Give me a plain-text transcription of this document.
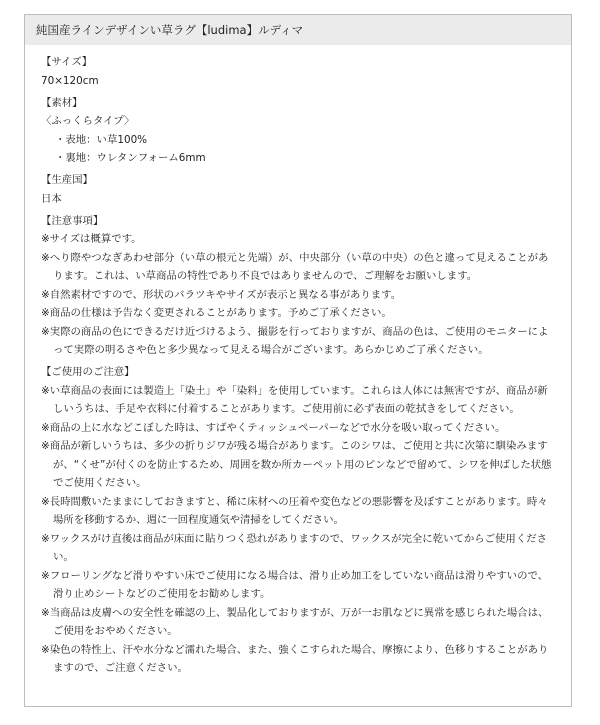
純国産ラインデザインい草ラグ【ludima】ルディマ

【サイズ】

70×120cm

【素材】

〈ふっくらタイプ〉

・表地：い草100%

・裏地：ウレタンフォーム6mm

【生産国】

日本

【注意事項】

※サイズは概算です。

※へり際やつなぎあわせ部分（い草の根元と先端）が、中央部分（い草の中央）の色と違って見えることがあります。これは、い草商品の特性であり不良ではありませんので、ご理解をお願いします。

※自然素材ですので、形状のバラツキやサイズが表示と異なる事があります。

※商品の仕様は予告なく変更されることがあります。予めご了承ください。

※実際の商品の色にできるだけ近づけるよう、撮影を行っておりますが、商品の色は、ご使用のモニターによって実際の明るさや色と多少異なって見える場合がございます。あらかじめご了承ください。

【ご使用のご注意】

※い草商品の表面には製造上「染土」や「染料」を使用しています。これらは人体には無害ですが、商品が新しいうちは、手足や衣料に付着することがあります。ご使用前に必ず表面の乾拭きをしてください。

※商品の上に水などこぼした時は、すばやくティッシュペーパーなどで水分を吸い取ってください。

※商品が新しいうちは、多少の折りジワが残る場合があります。このシワは、ご使用と共に次第に馴染みますが、“くせ”が付くのを防止するため、周囲を数か所カーペット用のピンなどで留めて、シワを伸ばした状態でご使用ください。

※長時間敷いたままにしておきますと、稀に床材への圧着や変色などの悪影響を及ぼすことがあります。時々場所を移動するか、週に一回程度通気や清掃をしてください。

※ワックスがけ直後は商品が床面に貼りつく恐れがありますので、ワックスが完全に乾いてからご使用ください。

※フローリングなど滑りやすい床でご使用になる場合は、滑り止め加工をしていない商品は滑りやすいので、滑り止めシートなどのご使用をお勧めします。

※当商品は皮膚への安全性を確認の上、製品化しておりますが、万が一お肌などに異常を感じられた場合は、ご使用をおやめください。

※染色の特性上、汗や水分など濡れた場合、また、強くこすられた場合、摩擦により、色移りすることがありますので、ご注意ください。
